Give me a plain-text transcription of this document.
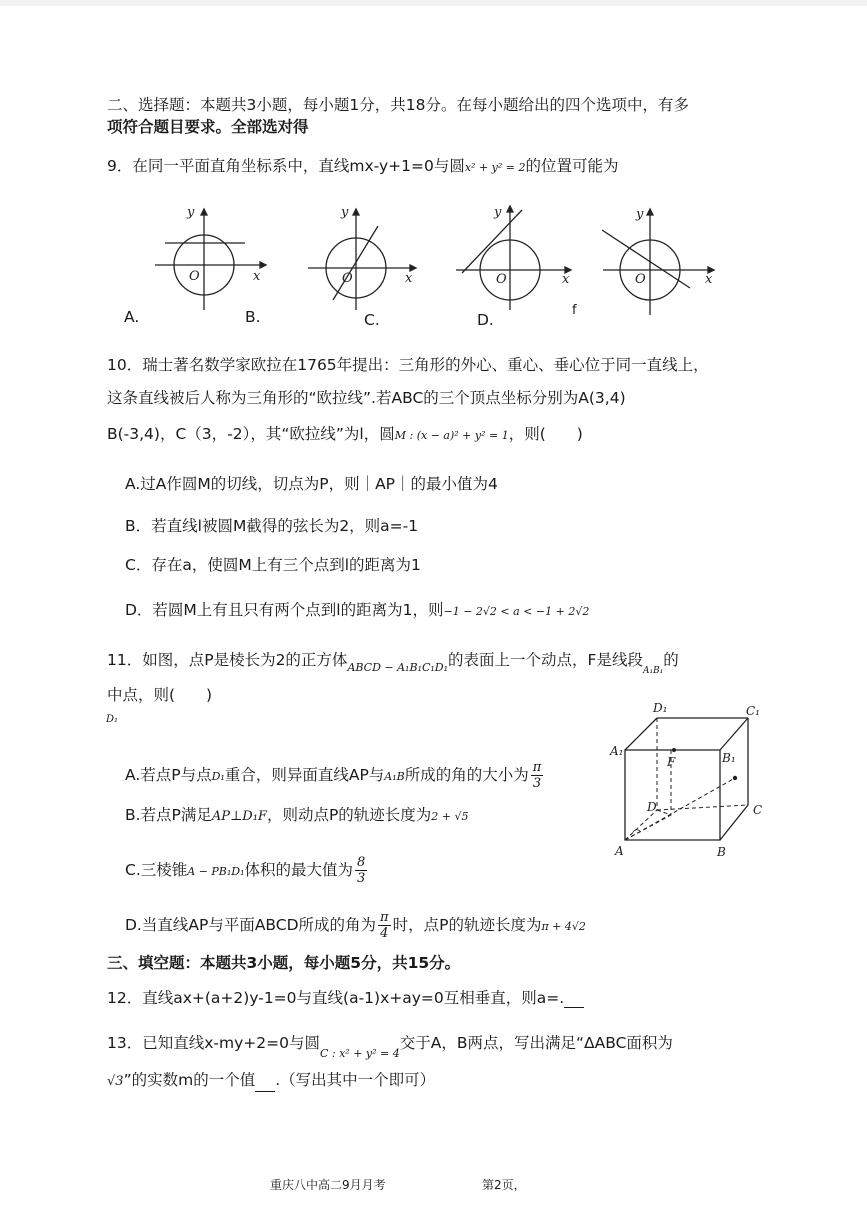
二、选择题：本题共3小题，每小题1分，共18分。在每小题给出的四个选项中，有多
项符合题目要求。全部选对得
9．在同一平面直角坐标系中，直线mx-y+1=0与圆x² + y² = 2的位置可能为
y
x
O
y
x
O
y
x
O
y
x
O
A.	B.	C.	D.
f
10．瑞士著名数学家欧拉在1765年提出：三角形的外心、重心、垂心位于同一直线上，
这条直线被后人称为三角形的“欧拉线”.若ABC的三个顶点坐标分别为A(3,4)
B(-3,4)，C（3，-2），其“欧拉线”为l，圆M : (x − a)² + y² = 1，则(　　)
A.过A作圆M的切线，切点为P，则｜AP｜的最小值为4
B．若直线l被圆M截得的弦长为2，则a=-1
C．存在a，使圆M上有三个点到l的距离为1
D．若圆M上有且只有两个点到l的距离为1，则−1 − 2√2 < a < −1 + 2√2
11．如图，点P是棱长为2的正方体$_{ABCD - A_1B_1C_1D_1}$的表面上一个动点，F是线段$_{A_1B_1}$的
中点，则(　　)
D₁
A.若点P与点D₁重合，则异面直线AP与A₁B所成的角的大小为 $\frac{\pi}{3}$
B.若点P满足AP⊥D₁F，则动点P的轨迹长度为2 + √5
C.三棱锥A − PB₁D₁体积的最大值为 $\frac{8}{3}$
D.当直线AP与平面ABCD所成的角为 $\frac{\pi}{4}$ 时，点P的轨迹长度为π + 4√2
D₁	C₁
A₁	B₁
F
D	C
A	B
三、填空题：本题共3小题，每小题5分，共15分。
12．直线ax+(a+2)y-1=0与直线(a-1)x+ay=0互相垂直，则a=.
13．已知直线x-my+2=0与圆$_{C : x^2 + y^2 = 4}$交于A，B两点，写出满足“ΔABC面积为
√3”的实数m的一个值 .（写出其中一个即可）
重庆八中高二9月月考	第2页，
